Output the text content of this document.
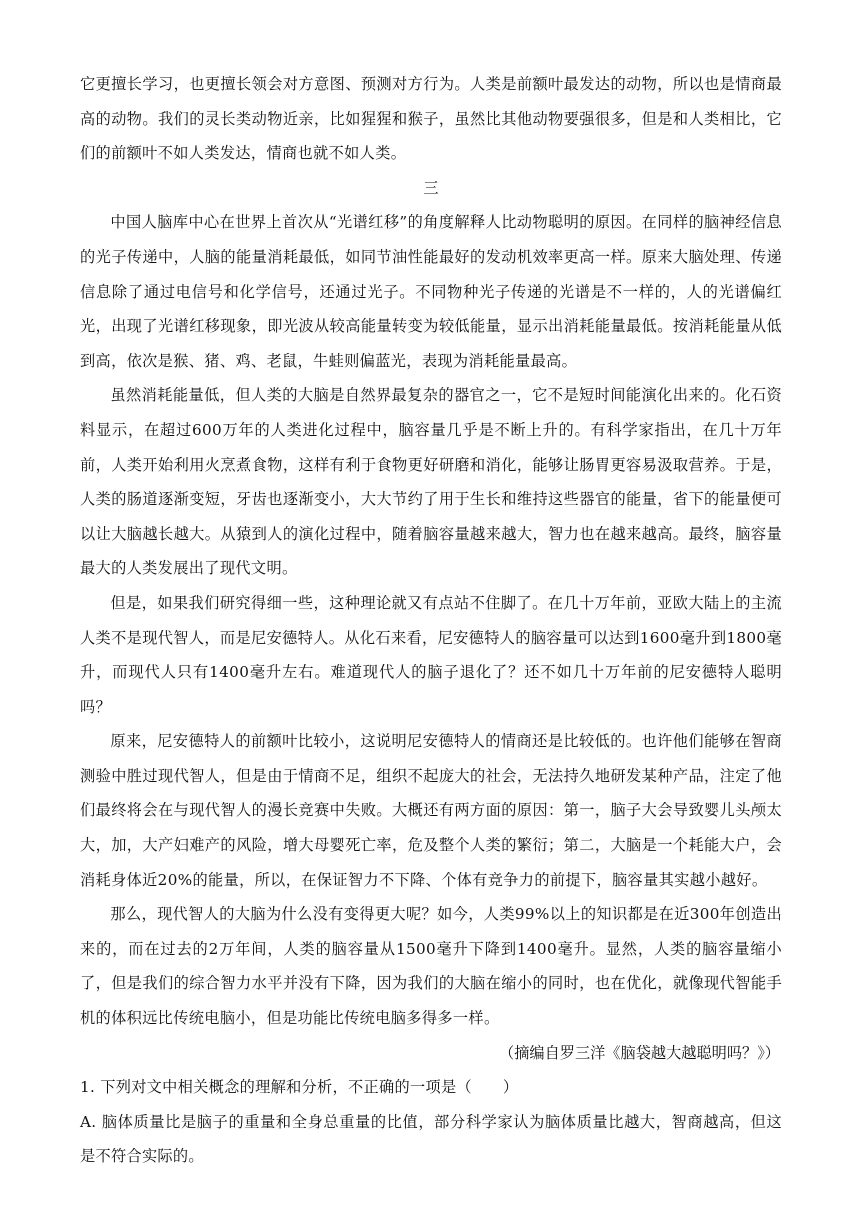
它更擅长学习，也更擅长领会对方意图、预测对方行为。人类是前额叶最发达的动物，所以也是情商最高的动物。我们的灵长类动物近亲，比如猩猩和猴子，虽然比其他动物要强很多，但是和人类相比，它们的前额叶不如人类发达，情商也就不如人类。

三

中国人脑库中心在世界上首次从“光谱红移”的角度解释人比动物聪明的原因。在同样的脑神经信息的光子传递中，人脑的能量消耗最低，如同节油性能最好的发动机效率更高一样。原来大脑处理、传递信息除了通过电信号和化学信号，还通过光子。不同物种光子传递的光谱是不一样的，人的光谱偏红光，出现了光谱红移现象，即光波从较高能量转变为较低能量，显示出消耗能量最低。按消耗能量从低到高，依次是猴、猪、鸡、老鼠，牛蛙则偏蓝光，表现为消耗能量最高。

虽然消耗能量低，但人类的大脑是自然界最复杂的器官之一，它不是短时间能演化出来的。化石资料显示，在超过600万年的人类进化过程中，脑容量几乎是不断上升的。有科学家指出，在几十万年前，人类开始利用火烹煮食物，这样有利于食物更好研磨和消化，能够让肠胃更容易汲取营养。于是，人类的肠道逐渐变短，牙齿也逐渐变小，大大节约了用于生长和维持这些器官的能量，省下的能量便可以让大脑越长越大。从猿到人的演化过程中，随着脑容量越来越大，智力也在越来越高。最终，脑容量最大的人类发展出了现代文明。

但是，如果我们研究得细一些，这种理论就又有点站不住脚了。在几十万年前，亚欧大陆上的主流人类不是现代智人，而是尼安德特人。从化石来看，尼安德特人的脑容量可以达到1600毫升到1800毫升，而现代人只有1400毫升左右。难道现代人的脑子退化了？还不如几十万年前的尼安德特人聪明吗？

原来，尼安德特人的前额叶比较小，这说明尼安德特人的情商还是比较低的。也许他们能够在智商测验中胜过现代智人，但是由于情商不足，组织不起庞大的社会，无法持久地研发某种产品，注定了他们最终将会在与现代智人的漫长竞赛中失败。大概还有两方面的原因：第一，脑子大会导致婴儿头颅太大，加，大产妇难产的风险，增大母婴死亡率，危及整个人类的繁衍；第二，大脑是一个耗能大户，会消耗身体近20%的能量，所以，在保证智力不下降、个体有竞争力的前提下，脑容量其实越小越好。

那么，现代智人的大脑为什么没有变得更大呢？如今，人类99%以上的知识都是在近300年创造出来的，而在过去的2万年间，人类的脑容量从1500毫升下降到1400毫升。显然，人类的脑容量缩小了，但是我们的综合智力水平并没有下降，因为我们的大脑在缩小的同时，也在优化，就像现代智能手机的体积远比传统电脑小，但是功能比传统电脑多得多一样。

（摘编自罗三洋《脑袋越大越聪明吗？》）

1. 下列对文中相关概念的理解和分析，不正确的一项是（　　）

A. 脑体质量比是脑子的重量和全身总重量的比值，部分科学家认为脑体质量比越大，智商越高，但这是不符合实际的。
